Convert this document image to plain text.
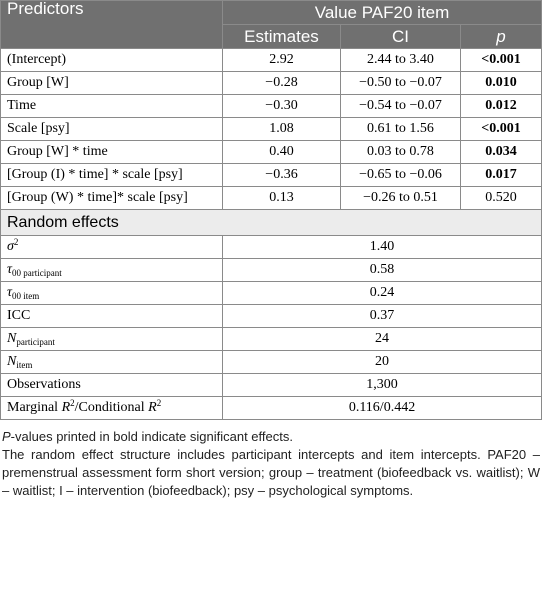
Predictors	Value PAF20 item		
	Estimates	CI	p
(Intercept)	2.92	2.44 to 3.40	<0.001
Group [W]	−0.28	−0.50 to −0.07	0.010
Time	−0.30	−0.54 to −0.07	0.012
Scale [psy]	1.08	0.61 to 1.56	<0.001
Group [W] * time	0.40	0.03 to 0.78	0.034
[Group (I) * time] * scale [psy]	−0.36	−0.65 to −0.06	0.017
[Group (W) * time]* scale [psy]	0.13	−0.26 to 0.51	0.520
Random effects			
$\sigma^2$	1.40		
$\tau_{00 participant}$	0.58		
$\tau_{00 item}$	0.24		
ICC	0.37		
$N_{participant}$	24		
$N_{item}$	20		
Observations	1,300		
Marginal $R^2$/Conditional $R^2$	0.116/0.442		

P-values printed in bold indicate significant effects.

The random effect structure includes participant intercepts and item intercepts. PAF20 – premenstrual assessment form short version; group – treatment (biofeedback vs. waitlist); W – waitlist; I – intervention (biofeedback); psy – psychological symptoms.
